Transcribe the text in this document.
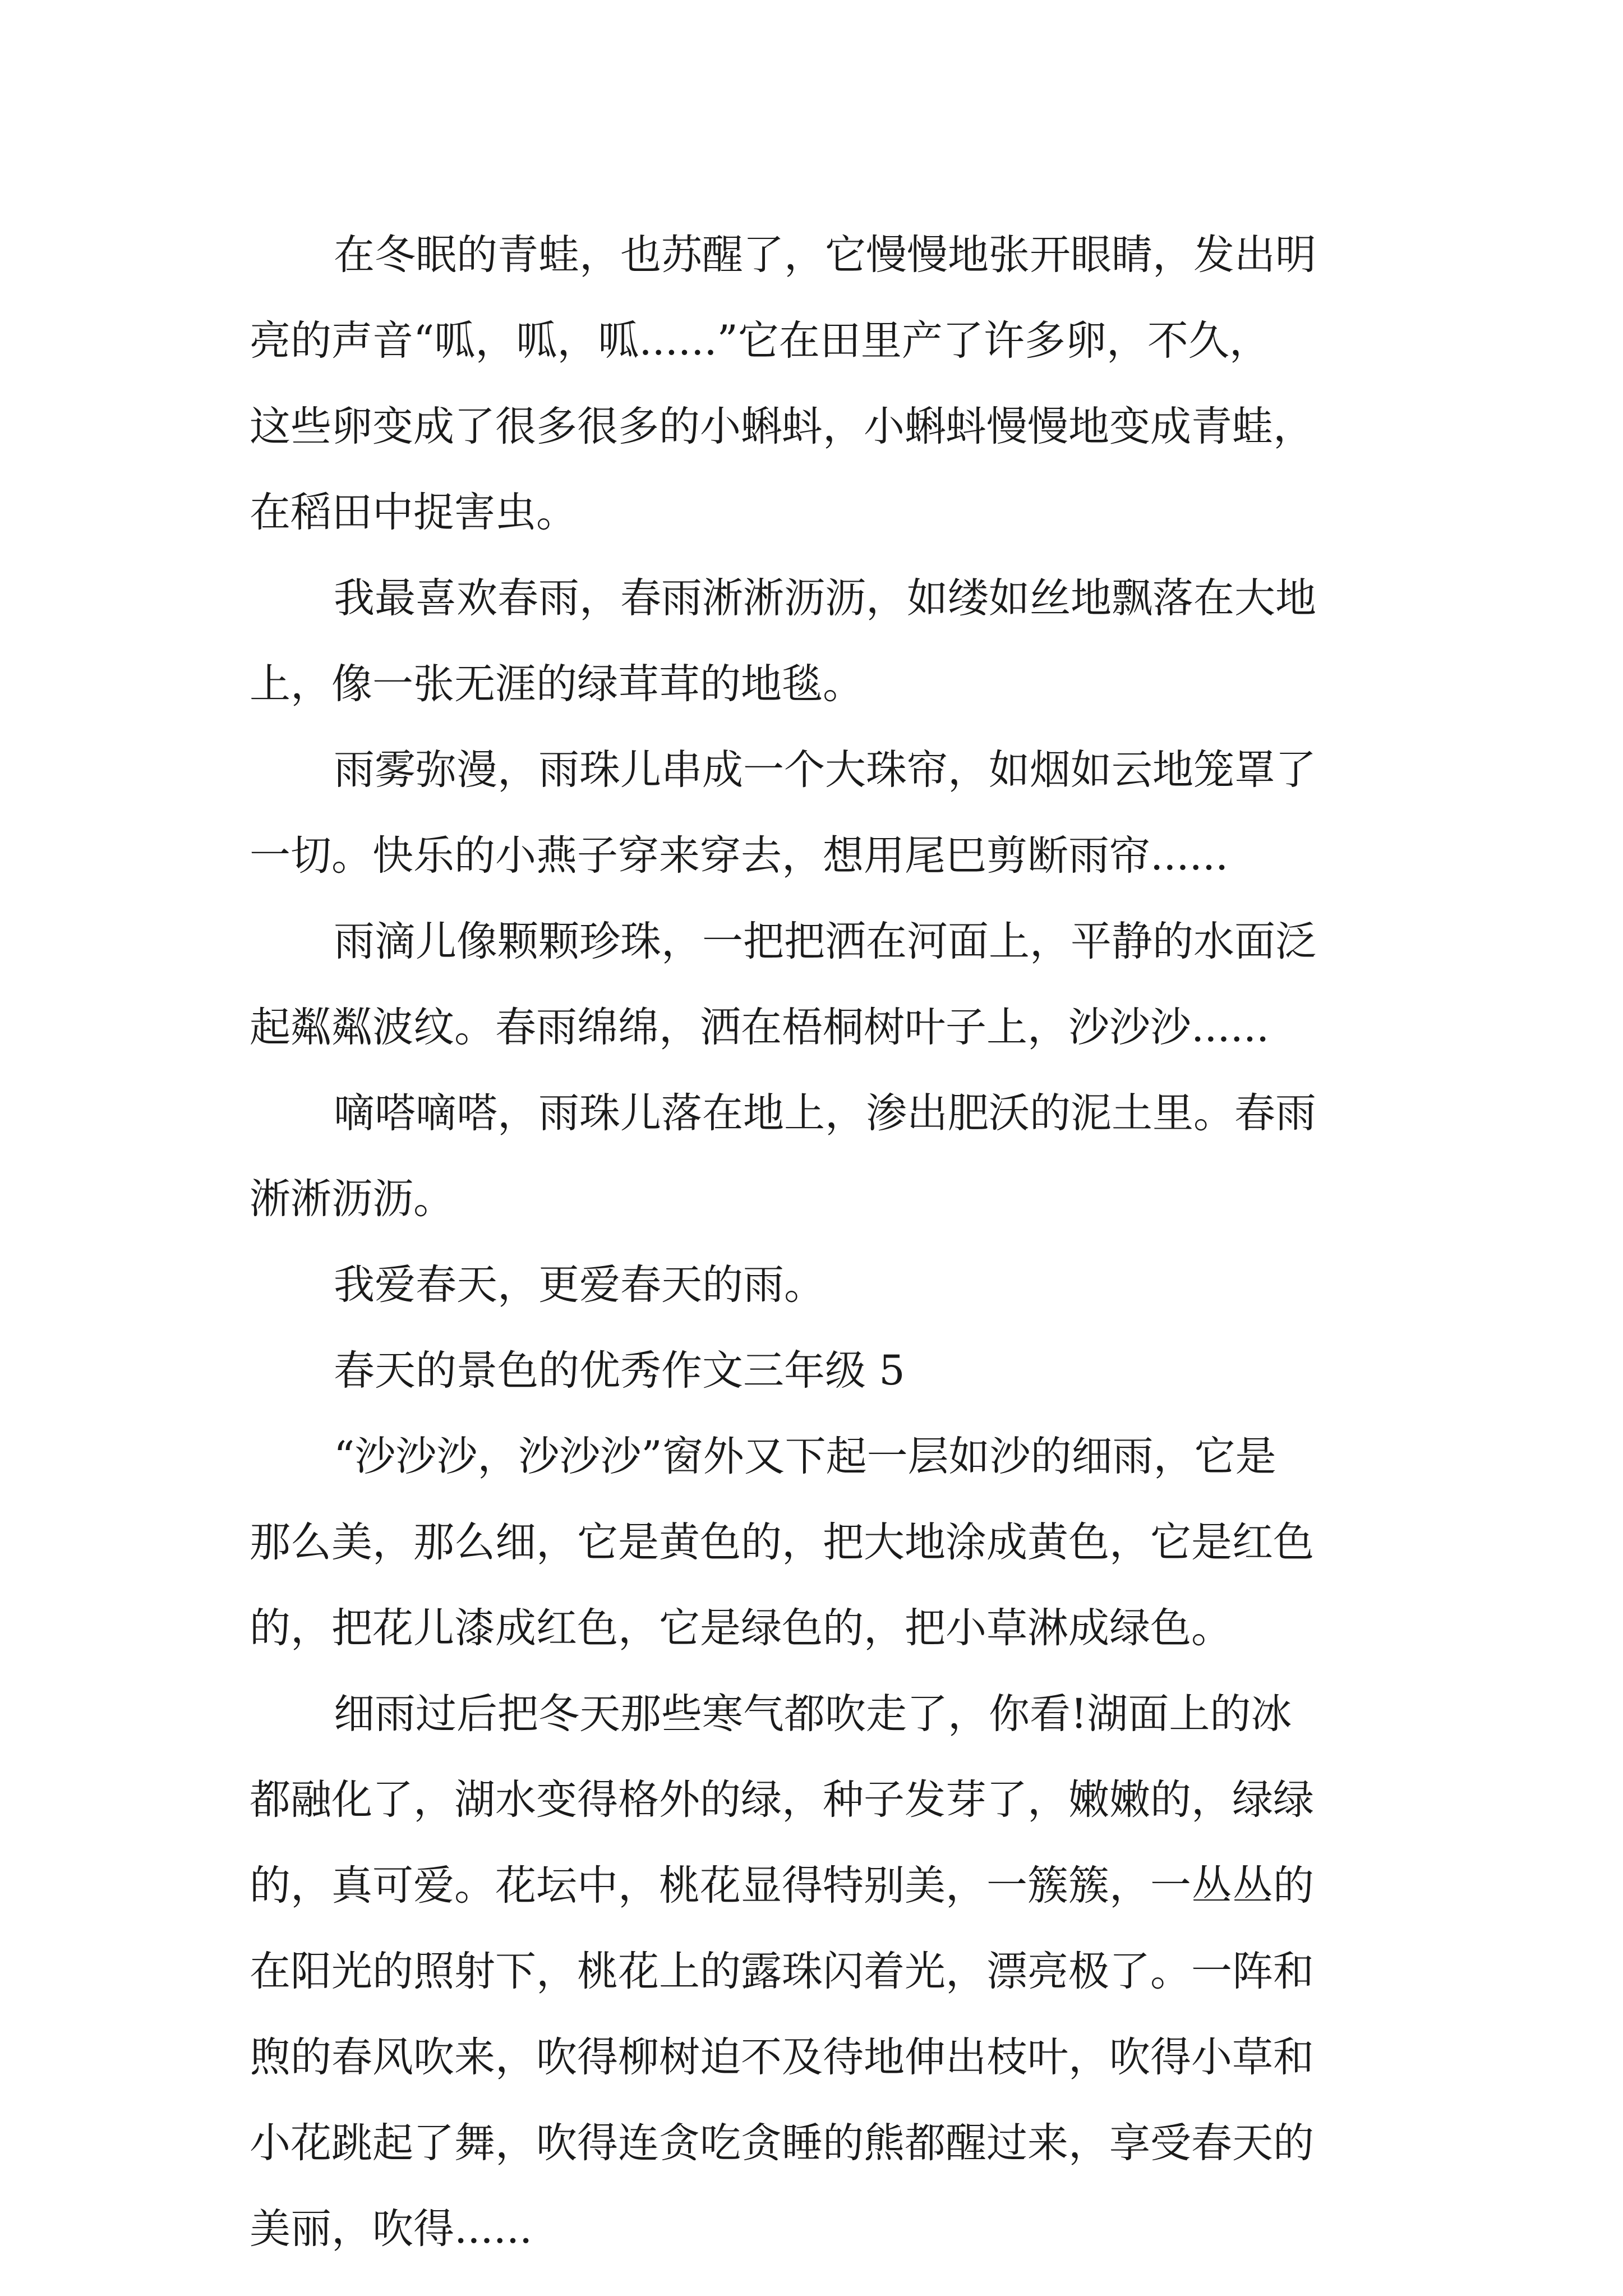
在冬眠的青蛙，也苏醒了，它慢慢地张开眼睛，发出明
亮的声音“呱，呱，呱......”它在田里产了许多卵，不久，
这些卵变成了很多很多的小蝌蚪，小蝌蚪慢慢地变成青蛙，
在稻田中捉害虫。
我最喜欢春雨，春雨淅淅沥沥，如缕如丝地飘落在大地
上，像一张无涯的绿茸茸的地毯。
雨雾弥漫，雨珠儿串成一个大珠帘，如烟如云地笼罩了
一切。快乐的小燕子穿来穿去，想用尾巴剪断雨帘......
雨滴儿像颗颗珍珠，一把把洒在河面上，平静的水面泛
起粼粼波纹。春雨绵绵，洒在梧桐树叶子上，沙沙沙......
嘀嗒嘀嗒，雨珠儿落在地上，渗出肥沃的泥土里。春雨
淅淅沥沥。
我爱春天，更爱春天的雨。
春天的景色的优秀作文三年级 5
“沙沙沙，沙沙沙”窗外又下起一层如沙的细雨，它是
那么美，那么细，它是黄色的，把大地涂成黄色，它是红色
的，把花儿漆成红色，它是绿色的，把小草淋成绿色。
细雨过后把冬天那些寒气都吹走了，你看!湖面上的冰
都融化了，湖水变得格外的绿，种子发芽了，嫩嫩的，绿绿
的，真可爱。花坛中，桃花显得特别美，一簇簇，一丛丛的
在阳光的照射下，桃花上的露珠闪着光，漂亮极了。一阵和
煦的春风吹来，吹得柳树迫不及待地伸出枝叶，吹得小草和
小花跳起了舞，吹得连贪吃贪睡的熊都醒过来，享受春天的
美丽，吹得......
